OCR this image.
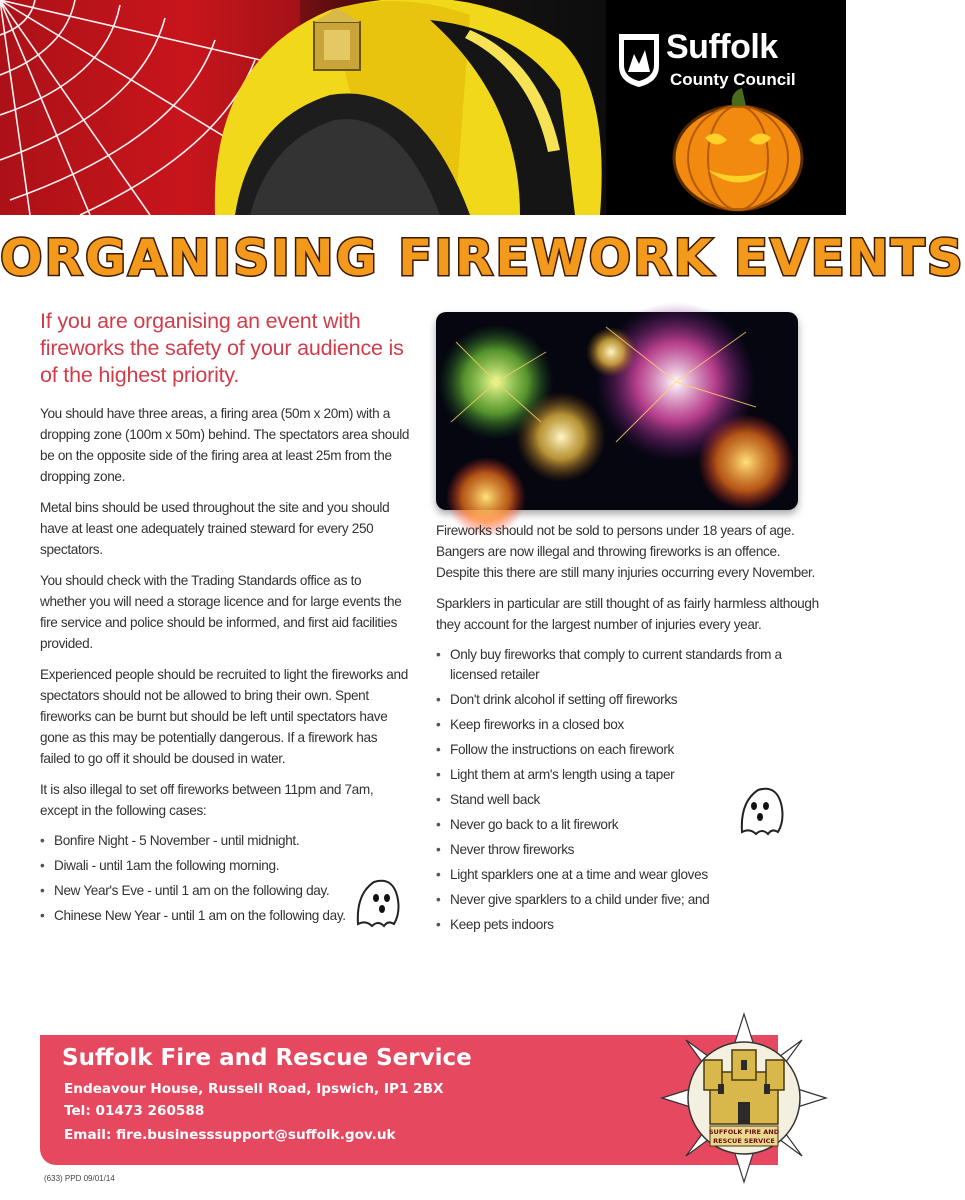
Suffolk
County Council
ORGANISING FIREWORK EVENTS
If you are organising an event with fireworks the safety of your audience is of the highest priority.

You should have three areas, a firing area (50m x 20m) with a dropping zone (100m x 50m) behind. The spectators area should be on the opposite side of the firing area at least 25m from the dropping zone.

Metal bins should be used throughout the site and you should have at least one adequately trained steward for every 250 spectators.

You should check with the Trading Standards office as to whether you will need a storage licence and for large events the fire service and police should be informed, and first aid facilities provided.

Experienced people should be recruited to light the fireworks and spectators should not be allowed to bring their own. Spent fireworks can be burnt but should be left until spectators have gone as this may be potentially dangerous. If a firework has failed to go off it should be doused in water.

It is also illegal to set off fireworks between 11pm and 7am, except in the following cases:

• Bonfire Night - 5 November - until midnight.
• Diwali - until 1am the following morning.
• New Year's Eve - until 1 am on the following day.
• Chinese New Year - until 1 am on the following day.

Fireworks should not be sold to persons under 18 years of age. Bangers are now illegal and throwing fireworks is an offence. Despite this there are still many injuries occurring every November.

Sparklers in particular are still thought of as fairly harmless although they account for the largest number of injuries every year.

• Only buy fireworks that comply to current standards from a licensed retailer
• Don't drink alcohol if setting off fireworks
• Keep fireworks in a closed box
• Follow the instructions on each firework
• Light them at arm's length using a taper
• Stand well back
• Never go back to a lit firework
• Never throw fireworks
• Light sparklers one at a time and wear gloves
• Never give sparklers to a child under five; and
• Keep pets indoors
Suffolk Fire and Rescue Service
Endeavour House, Russell Road, Ipswich, IP1 2BX
Tel: 01473 260588
Email: fire.businesssupport@suffolk.gov.uk	SUFFOLK FIRE AND
RESCUE SERVICE
(633) PPD 09/01/14
